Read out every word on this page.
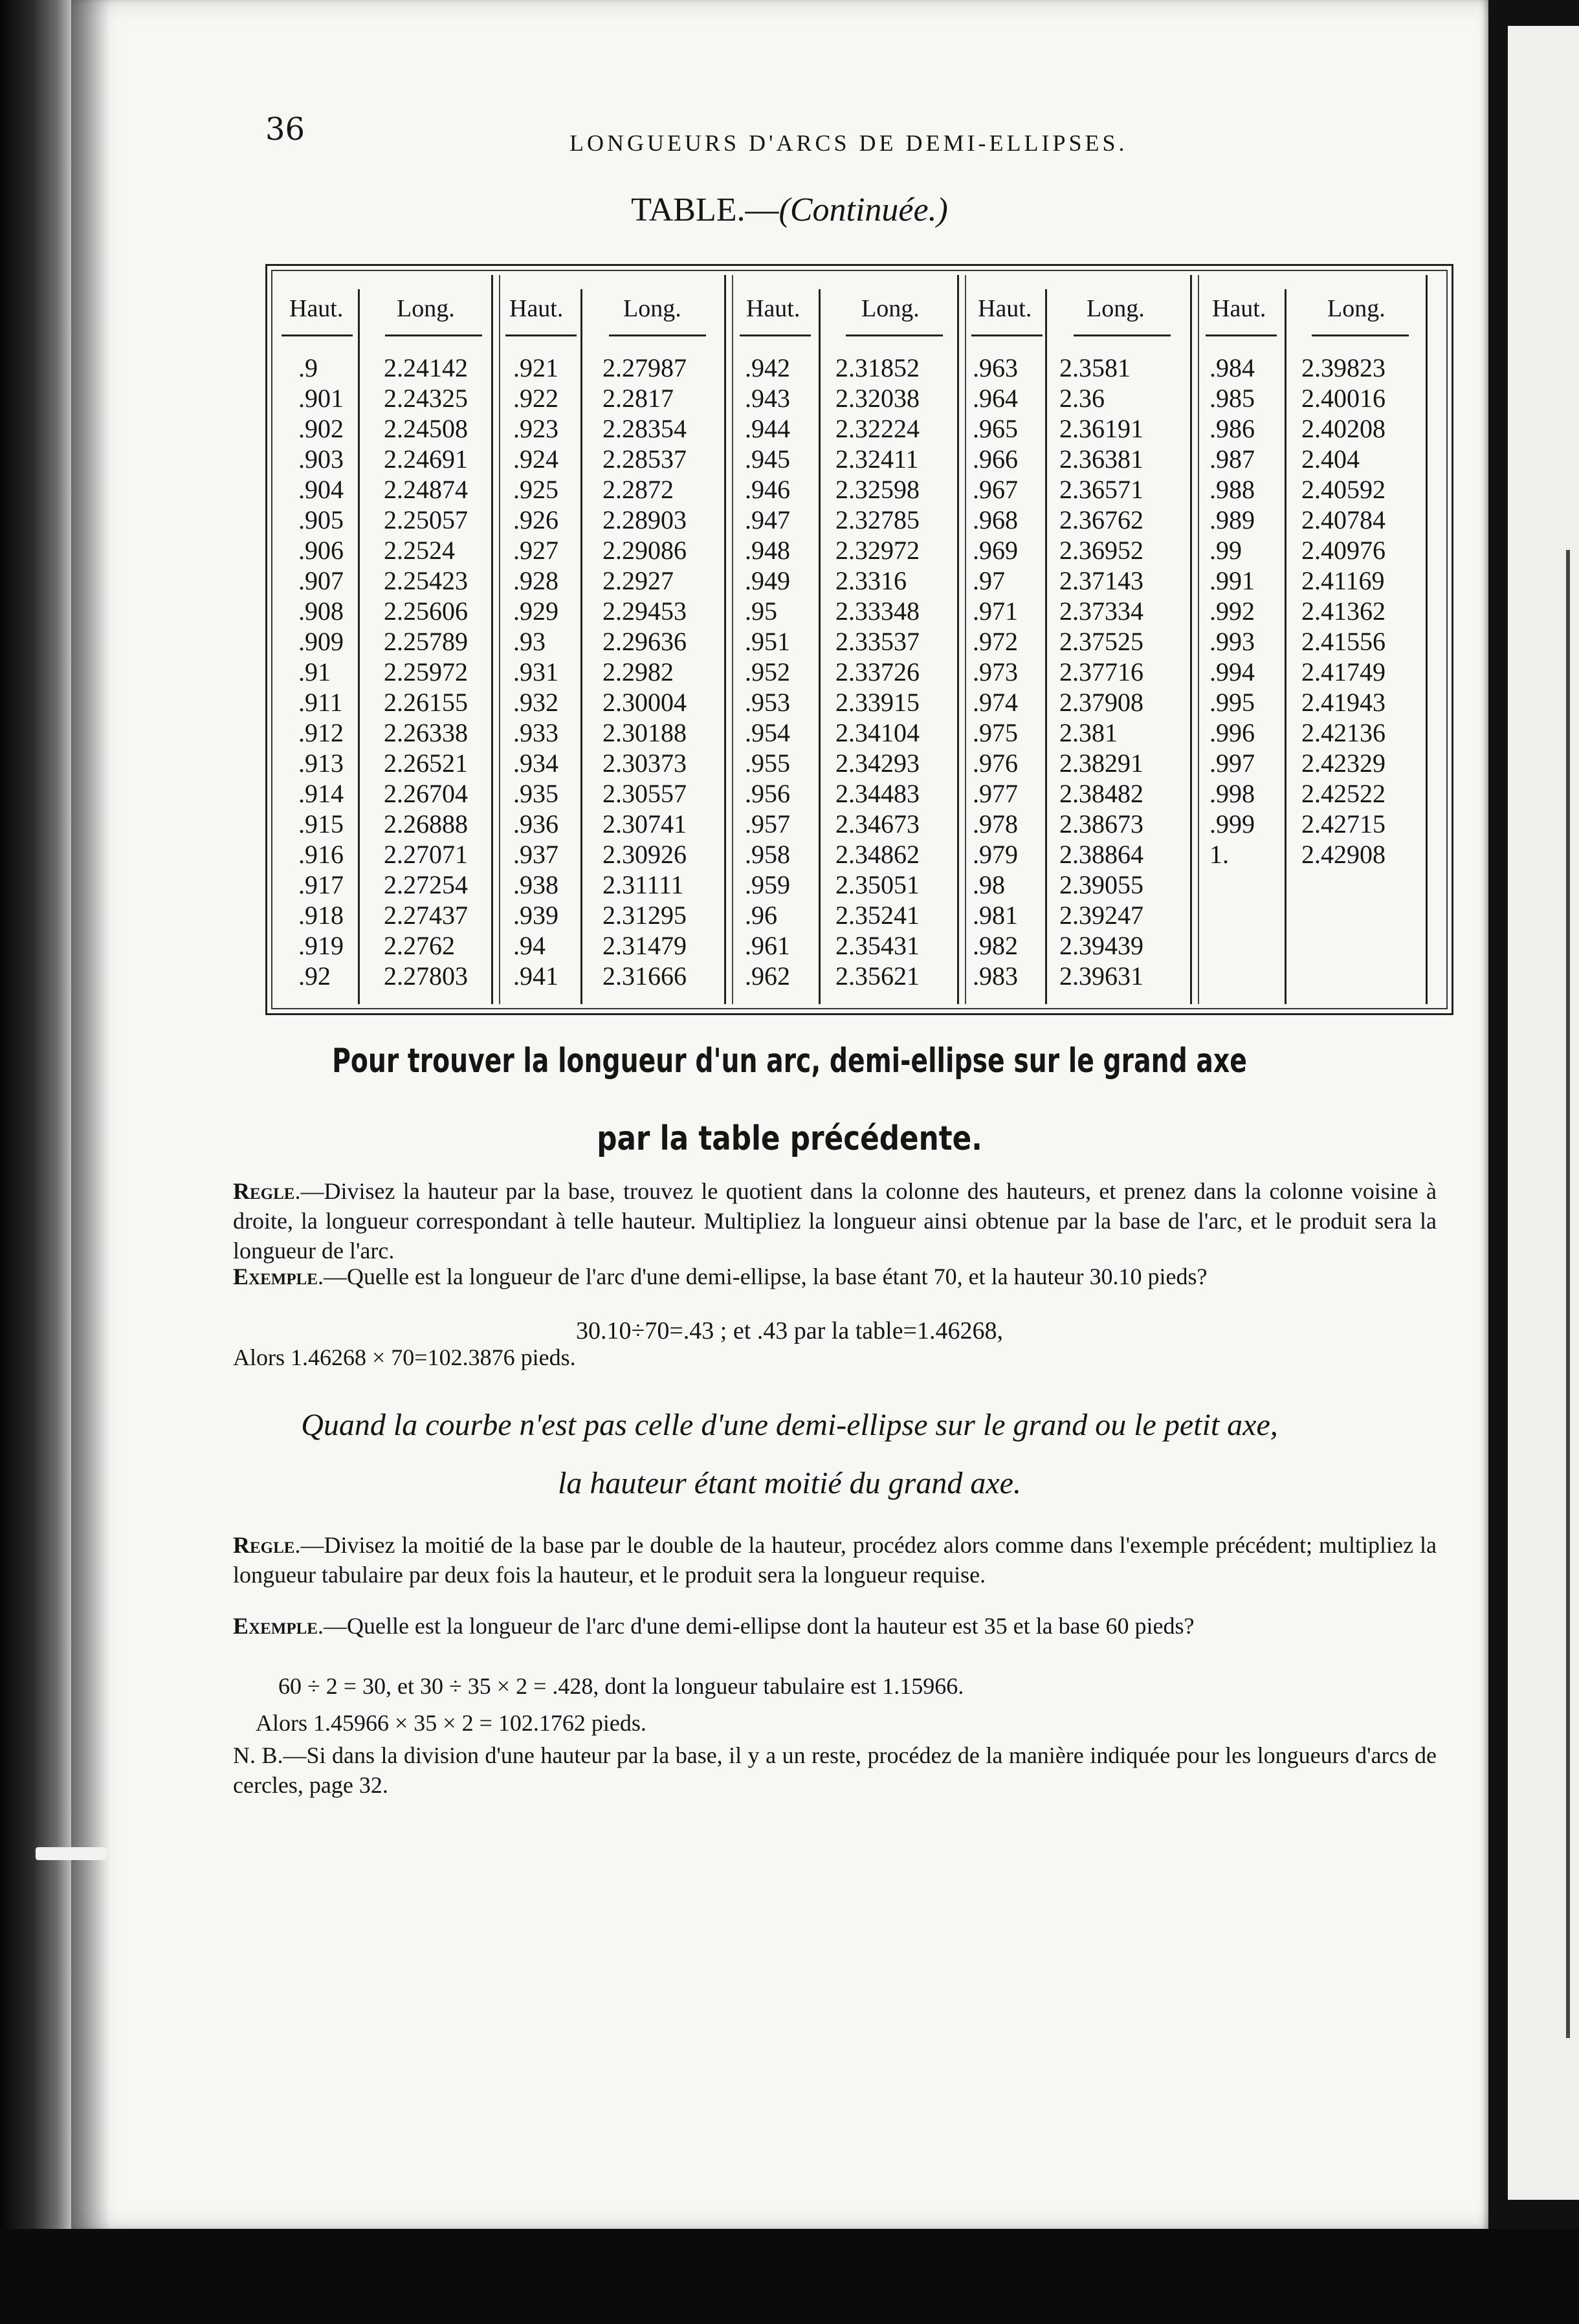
36	LONGUEURS D'ARCS DE DEMI-ELLIPSES.
TABLE.—(Continuée.)
Haut. Long.
.9
.901
.902
.903
.904
.905
.906
.907
.908
.909
.91
.911
.912
.913
.914
.915
.916
.917
.918
.919
.92
2.24142
2.24325
2.24508
2.24691
2.24874
2.25057
2.2524
2.25423
2.25606
2.25789
2.25972
2.26155
2.26338
2.26521
2.26704
2.26888
2.27071
2.27254
2.27437
2.2762
2.27803
Haut. Long.
.921
.922
.923
.924
.925
.926
.927
.928
.929
.93
.931
.932
.933
.934
.935
.936
.937
.938
.939
.94
.941
2.27987
2.2817
2.28354
2.28537
2.2872
2.28903
2.29086
2.2927
2.29453
2.29636
2.2982
2.30004
2.30188
2.30373
2.30557
2.30741
2.30926
2.31111
2.31295
2.31479
2.31666
Haut. Long.
.942
.943
.944
.945
.946
.947
.948
.949
.95
.951
.952
.953
.954
.955
.956
.957
.958
.959
.96
.961
.962
2.31852
2.32038
2.32224
2.32411
2.32598
2.32785
2.32972
2.3316
2.33348
2.33537
2.33726
2.33915
2.34104
2.34293
2.34483
2.34673
2.34862
2.35051
2.35241
2.35431
2.35621
Haut. Long.
.963
.964
.965
.966
.967
.968
.969
.97
.971
.972
.973
.974
.975
.976
.977
.978
.979
.98
.981
.982
.983
2.3581
2.36
2.36191
2.36381
2.36571
2.36762
2.36952
2.37143
2.37334
2.37525
2.37716
2.37908
2.381
2.38291
2.38482
2.38673
2.38864
2.39055
2.39247
2.39439
2.39631
Haut. Long.
.984
.985
.986
.987
.988
.989
.99
.991
.992
.993
.994
.995
.996
.997
.998
.999
1.
2.39823
2.40016
2.40208
2.404
2.40592
2.40784
2.40976
2.41169
2.41362
2.41556
2.41749
2.41943
2.42136
2.42329
2.42522
2.42715
2.42908
Pour trouver la longueur d'un arc, demi-ellipse sur le grand axe
par la table précédente.
Regle.—Divisez la hauteur par la base, trouvez le quotient dans la colonne des hauteurs, et prenez dans la colonne voisine à droite, la longueur correspondant à telle hauteur. Multipliez la longueur ainsi obtenue par la base de l'arc, et le produit sera la longueur de l'arc.
Exemple.—Quelle est la longueur de l'arc d'une demi-ellipse, la base étant 70, et la hauteur 30.10 pieds?
30.10÷70=.43 ; et .43 par la table=1.46268,
Alors 1.46268 × 70=102.3876 pieds.
Quand la courbe n'est pas celle d'une demi-ellipse sur le grand ou le petit axe,
la hauteur étant moitié du grand axe.
Regle.—Divisez la moitié de la base par le double de la hauteur, procédez alors comme dans l'exemple précédent; multipliez la longueur tabulaire par deux fois la hauteur, et le produit sera la longueur requise.
Exemple.—Quelle est la longueur de l'arc d'une demi-ellipse dont la hauteur est 35 et la base 60 pieds?
60 ÷ 2 = 30, et 30 ÷ 35 × 2 = .428, dont la longueur tabulaire est 1.15966.
Alors 1.45966 × 35 × 2 = 102.1762 pieds.
N. B.—Si dans la division d'une hauteur par la base, il y a un reste, procédez de la manière indiquée pour les longueurs d'arcs de cercles, page 32.
